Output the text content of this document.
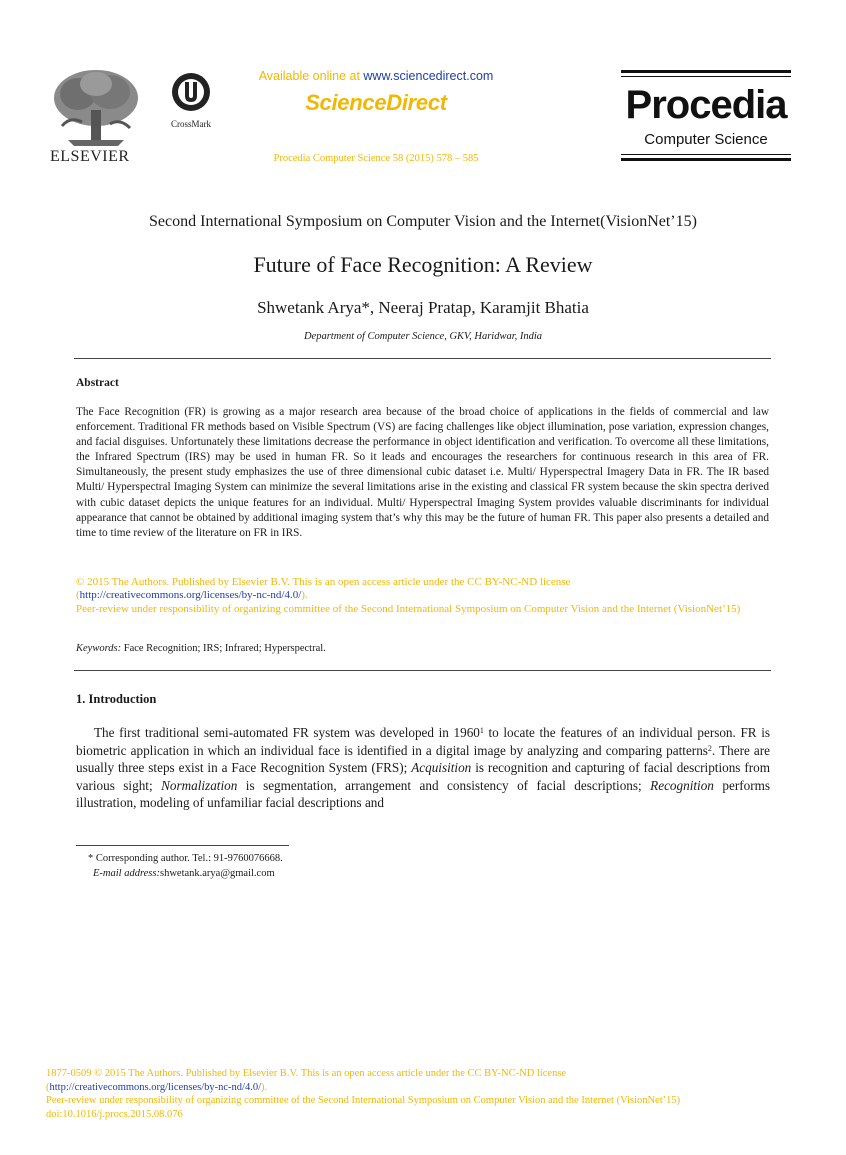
ELSEVIER
CrossMark
Available online at www.sciencedirect.com
ScienceDirect
Procedia Computer Science 58 (2015) 578 – 585
Procedia
Computer Science
Second International Symposium on Computer Vision and the Internet(VisionNet’15)
Future of Face Recognition: A Review
Shwetank Arya*, Neeraj Pratap, Karamjit Bhatia
Department of Computer Science, GKV, Haridwar, India
Abstract
The Face Recognition (FR) is growing as a major research area because of the broad choice of applications in the fields of commercial and law enforcement. Traditional FR methods based on Visible Spectrum (VS) are facing challenges like object illumination, pose variation, expression changes, and facial disguises. Unfortunately these limitations decrease the performance in object identification and verification. To overcome all these limitations, the Infrared Spectrum (IRS) may be used in human FR. So it leads and encourages the researchers for continuous research in this area of FR. Simultaneously, the present study emphasizes the use of three dimensional cubic dataset i.e. Multi/ Hyperspectral Imagery Data in FR. The IR based Multi/ Hyperspectral Imaging System can minimize the several limitations arise in the existing and classical FR system because the skin spectra derived with cubic dataset depicts the unique features for an individual. Multi/ Hyperspectral Imaging System provides valuable discriminants for individual appearance that cannot be obtained by additional imaging system that’s why this may be the future of human FR. This paper also presents a detailed and time to time review of the literature on FR in IRS.
© 2015 The Authors. Published by Elsevier B.V. This is an open access article under the CC BY-NC-ND license
(http://creativecommons.org/licenses/by-nc-nd/4.0/).
Peer-review under responsibility of organizing committee of the Second International Symposium on Computer Vision and the Internet (VisionNet’15)
Keywords: Face Recognition; IRS; Infrared; Hyperspectral.
1. Introduction
The first traditional semi-automated FR system was developed in 1960$^1$ to locate the features of an individual person. FR is biometric application in which an individual face is identified in a digital image by analyzing and comparing patterns$^2$. There are usually three steps exist in a Face Recognition System (FRS); Acquisition is recognition and capturing of facial descriptions from various sight; Normalization is segmentation, arrangement and consistency of facial descriptions; Recognition performs illustration, modeling of unfamiliar facial descriptions and
* Corresponding author. Tel.: 91-9760076668.
E-mail address:shwetank.arya@gmail.com
1877-0509 © 2015 The Authors. Published by Elsevier B.V. This is an open access article under the CC BY-NC-ND license
(http://creativecommons.org/licenses/by-nc-nd/4.0/).
Peer-review under responsibility of organizing committee of the Second International Symposium on Computer Vision and the Internet (VisionNet’15)
doi:10.1016/j.procs.2015.08.076
